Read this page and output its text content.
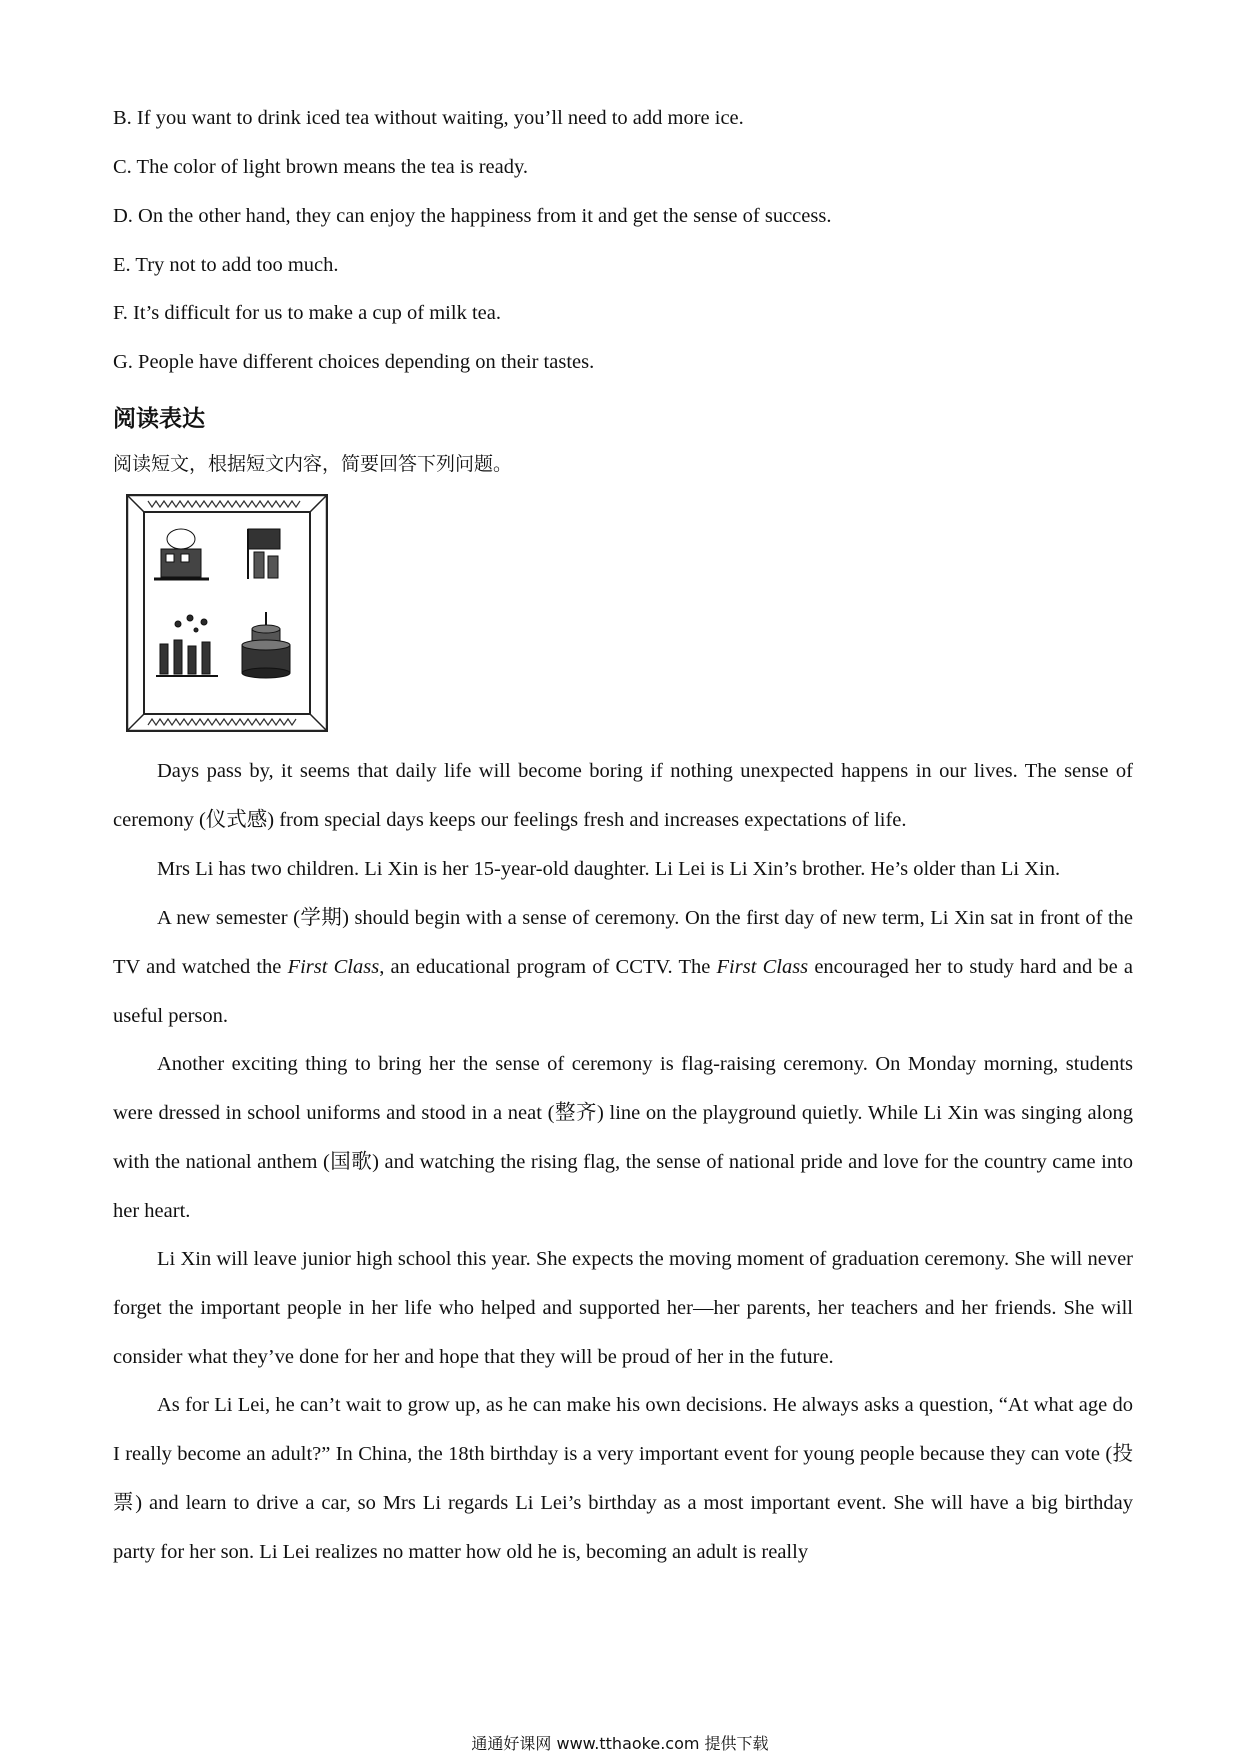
B. If you want to drink iced tea without waiting, you’ll need to add more ice.
C. The color of light brown means the tea is ready.
D. On the other hand, they can enjoy the happiness from it and get the sense of success.
E. Try not to add too much.
F. It’s difficult for us to make a cup of milk tea.
G. People have different choices depending on their tastes.
阅读表达
阅读短文，根据短文内容，简要回答下列问题。
Days pass by, it seems that daily life will become boring if nothing unexpected happens in our lives. The sense of ceremony (仪式感) from special days keeps our feelings fresh and increases expectations of life.
Mrs Li has two children. Li Xin is her 15-year-old daughter. Li Lei is Li Xin’s brother. He’s older than Li Xin.
A new semester (学期) should begin with a sense of ceremony. On the first day of new term, Li Xin sat in front of the TV and watched the First Class, an educational program of CCTV. The First Class encouraged her to study hard and be a useful person.
Another exciting thing to bring her the sense of ceremony is flag-raising ceremony. On Monday morning, students were dressed in school uniforms and stood in a neat (整齐) line on the playground quietly. While Li Xin was singing along with the national anthem (国歌) and watching the rising flag, the sense of national pride and love for the country came into her heart.
Li Xin will leave junior high school this year. She expects the moving moment of graduation ceremony. She will never forget the important people in her life who helped and supported her—her parents, her teachers and her friends. She will consider what they’ve done for her and hope that they will be proud of her in the future.
As for Li Lei, he can’t wait to grow up, as he can make his own decisions. He always asks a question, “At what age do I really become an adult?” In China, the 18th birthday is a very important event for young people because they can vote (投票) and learn to drive a car, so Mrs Li regards Li Lei’s birthday as a most important event. She will have a big birthday party for her son. Li Lei realizes no matter how old he is, becoming an adult is really
通通好课网 www.tthaoke.com 提供下载
